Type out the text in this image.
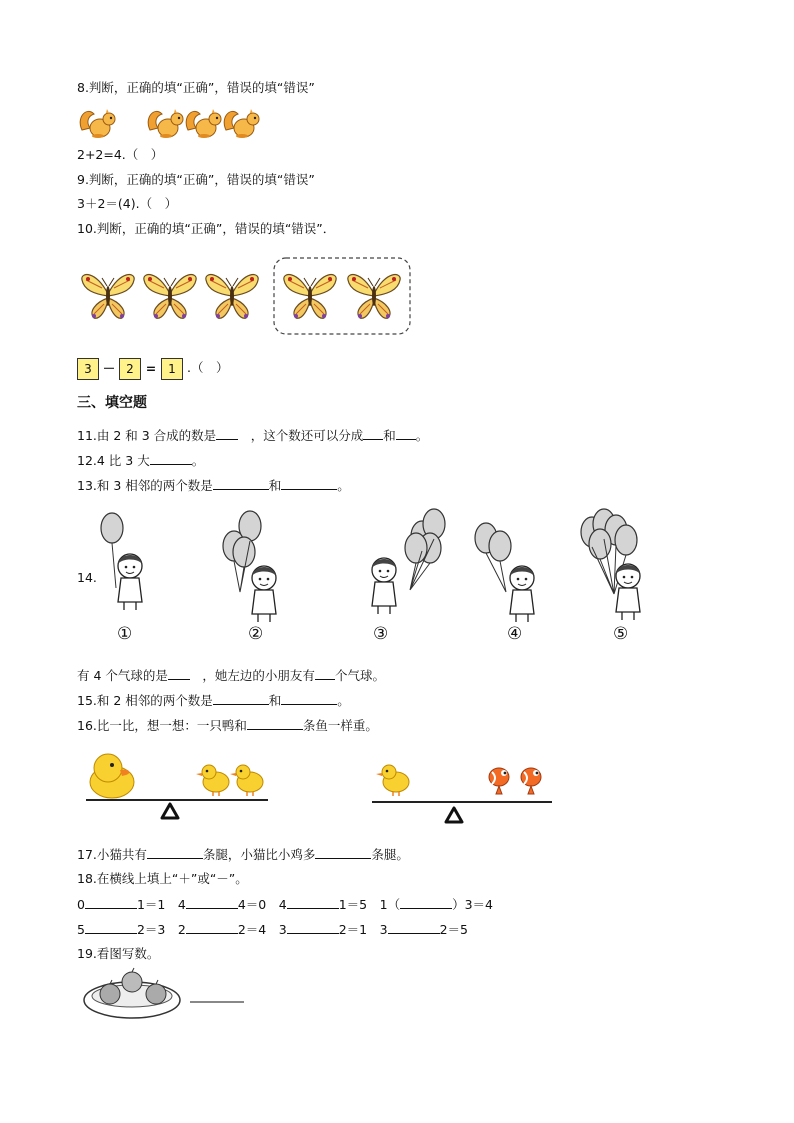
8.判断，正确的填“正确”，错误的填“错误”
2+2=4.（　）
9.判断，正确的填“正确”，错误的填“错误”
3＋2＝(4).（　）
10.判断，正确的填“正确”，错误的填“错误”．
3 － 2 = 1 .（　）
三、填空题
11.由 2 和 3 合成的数是　	，这个数还可以分成 和 。
12.4 比 3 大	。
13.和 3 相邻的两个数是	和	。
14.
①	②	③	④	⑤
有 4 个气球的是　	，她左边的小朋友有 个气球。
15.和 2 相邻的两个数是	和	。
16.比一比，想一想：一只鸭和	条鱼一样重。
17.小猫共有	条腿，小猫比小鸡多	条腿。
18.在横线上填上“＋”或“－”。
0	1＝1　 4	4＝0　 4	1＝5　 1（	）3＝4
5	2＝3　 2	2＝4　 3	2＝1　 3	2＝5
19.看图写数。
